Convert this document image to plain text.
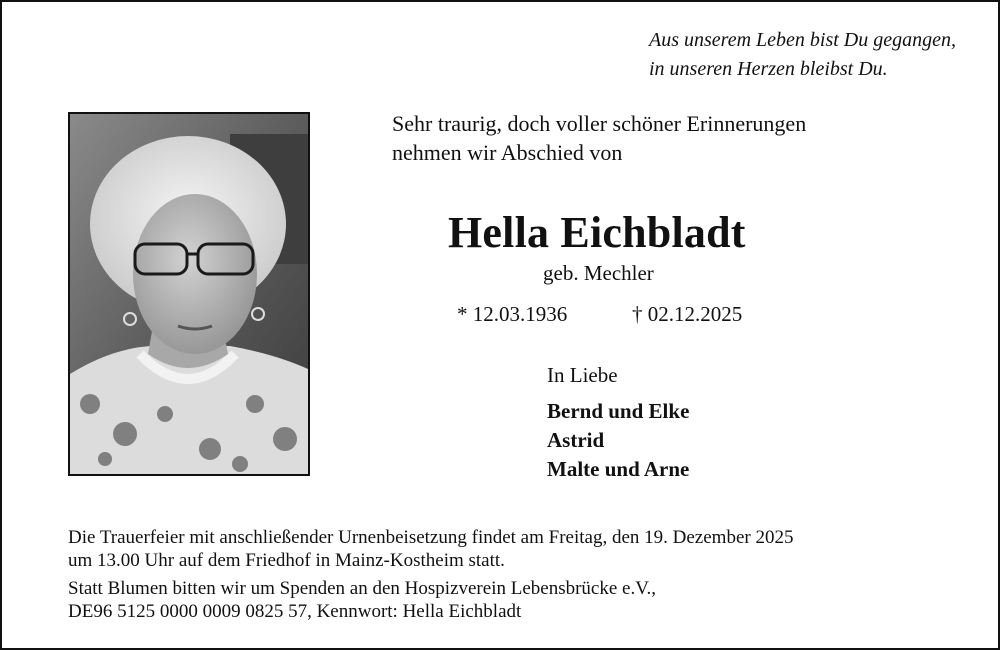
Aus unserem Leben bist Du gegangen,
in unseren Herzen bleibst Du.
Sehr traurig, doch voller schöner Erinnerungen
nehmen wir Abschied von
Hella Eichbladt
geb. Mechler
* 12.03.1936	† 02.12.2025
In Liebe
Bernd und Elke
Astrid
Malte und Arne

Die Trauerfeier mit anschließender Urnenbeisetzung findet am Freitag, den 19. Dezember 2025
um 13.00 Uhr auf dem Friedhof in Mainz-Kostheim statt.

Statt Blumen bitten wir um Spenden an den Hospizverein Lebensbrücke e.V.,
DE96 5125 0000 0009 0825 57, Kennwort: Hella Eichbladt
